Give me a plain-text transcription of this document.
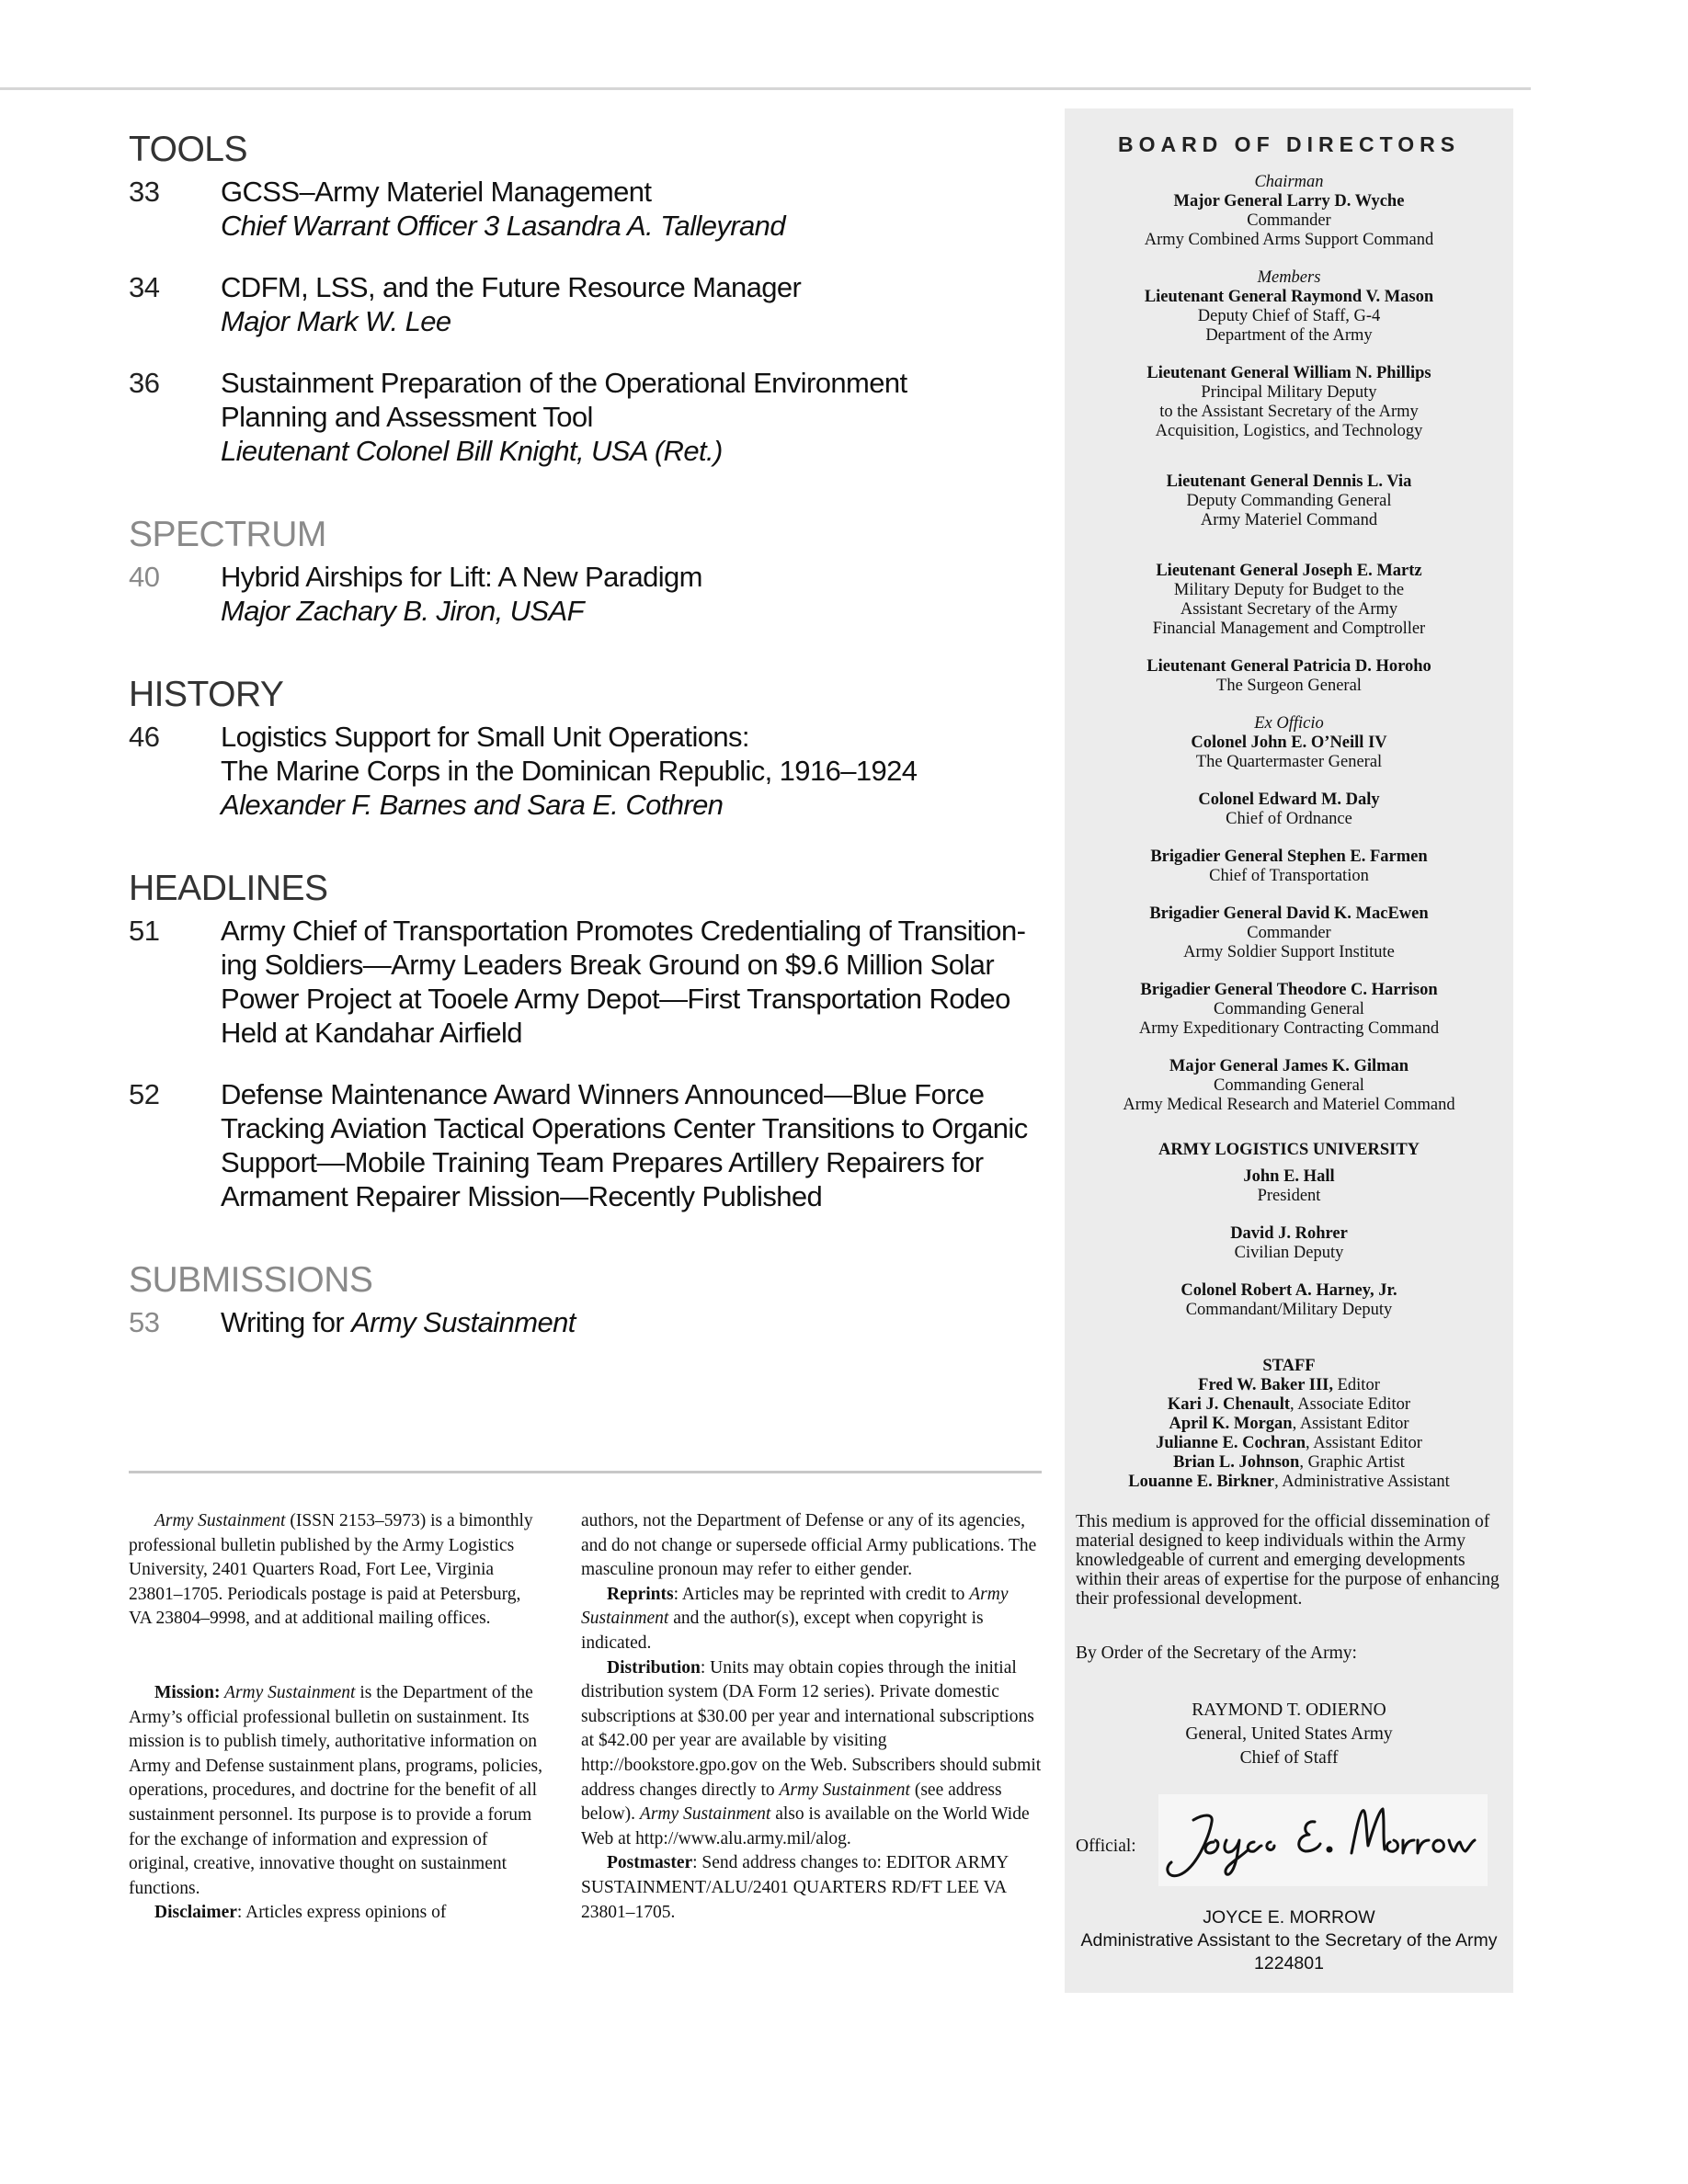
TOOLS
33	GCSS–Army Materiel Management
Chief Warrant Officer 3 Lasandra A. Talleyrand
34	CDFM, LSS, and the Future Resource Manager
Major Mark W. Lee
36	Sustainment Preparation of the Operational Environment
Planning and Assessment Tool
Lieutenant Colonel Bill Knight, USA (Ret.)
SPECTRUM
40	Hybrid Airships for Lift: A New Paradigm
Major Zachary B. Jiron, USAF
HISTORY
46	Logistics Support for Small Unit Operations:
The Marine Corps in the Dominican Republic, 1916–1924
Alexander F. Barnes and Sara E. Cothren
HEADLINES
51	Army Chief of Transportation Promotes Credentialing of Transition-
ing Soldiers—Army Leaders Break Ground on $9.6 Million Solar
Power Project at Tooele Army Depot—First Transportation Rodeo
Held at Kandahar Airfield
52	Defense Maintenance Award Winners Announced—Blue Force
Tracking Aviation Tactical Operations Center Transitions to Organic
Support—Mobile Training Team Prepares Artillery Repairers for
Armament Repairer Mission—Recently Published
SUBMISSIONS
53	Writing for Army Sustainment

Army Sustainment (ISSN 2153–5973) is a bimonthly professional bulletin published by the Army Logistics University, 2401 Quarters Road, Fort Lee, Virginia 23801–1705. Periodicals postage is paid at Petersburg, VA 23804–9998, and at additional mailing offices.

Mission: Army Sustainment is the Department of the Army’s official professional bulletin on sustainment. Its mission is to publish timely, authoritative information on Army and Defense sustainment plans, programs, policies, operations, procedures, and doctrine for the benefit of all sustainment personnel. Its purpose is to provide a forum for the exchange of information and expression of original, creative, innovative thought on sustainment functions.

Disclaimer: Articles express opinions of

authors, not the Department of Defense or any of its agencies, and do not change or supersede official Army publications. The masculine pronoun may refer to either gender.

Reprints: Articles may be reprinted with credit to Army Sustainment and the author(s), except when copyright is indicated.

Distribution: Units may obtain copies through the initial distribution system (DA Form 12 series). Private domestic subscriptions at $30.00 per year and international subscriptions at $42.00 per year are available by visiting http://bookstore.gpo.gov on the Web. Subscribers should submit address changes directly to Army Sustainment (see address below). Army Sustainment also is available on the World Wide Web at http://www.alu.army.mil/alog.

Postmaster: Send address changes to: EDITOR ARMY SUSTAINMENT/ALU/2401 QUARTERS RD/FT LEE VA 23801–1705.

BOARD OF DIRECTORS
Chairman
Major General Larry D. Wyche
Commander
Army Combined Arms Support Command
Members
Lieutenant General Raymond V. Mason
Deputy Chief of Staff, G-4
Department of the Army
Lieutenant General William N. Phillips
Principal Military Deputy
to the Assistant Secretary of the Army
Acquisition, Logistics, and Technology
Lieutenant General Dennis L. Via
Deputy Commanding General
Army Materiel Command
Lieutenant General Joseph E. Martz
Military Deputy for Budget to the
Assistant Secretary of the Army
Financial Management and Comptroller
Lieutenant General Patricia D. Horoho
The Surgeon General
Ex Officio
Colonel John E. O’Neill IV
The Quartermaster General
Colonel Edward M. Daly
Chief of Ordnance
Brigadier General Stephen E. Farmen
Chief of Transportation
Brigadier General David K. MacEwen
Commander
Army Soldier Support Institute
Brigadier General Theodore C. Harrison
Commanding General
Army Expeditionary Contracting Command
Major General James K. Gilman
Commanding General
Army Medical Research and Materiel Command
ARMY LOGISTICS UNIVERSITY
John E. Hall
President
David J. Rohrer
Civilian Deputy
Colonel Robert A. Harney, Jr.
Commandant/Military Deputy
STAFF
Fred W. Baker III, Editor
Kari J. Chenault, Associate Editor
April K. Morgan, Assistant Editor
Julianne E. Cochran, Assistant Editor
Brian L. Johnson, Graphic Artist
Louanne E. Birkner, Administrative Assistant
This medium is approved for the official dissemination of material designed to keep individuals within the Army knowledgeable of current and emerging developments within their areas of expertise for the purpose of enhancing their professional development.
By Order of the Secretary of the Army:
RAYMOND T. ODIERNO
General, United States Army
Chief of Staff
Official:
JOYCE E. MORROW
Administrative Assistant to the Secretary of the Army
1224801
